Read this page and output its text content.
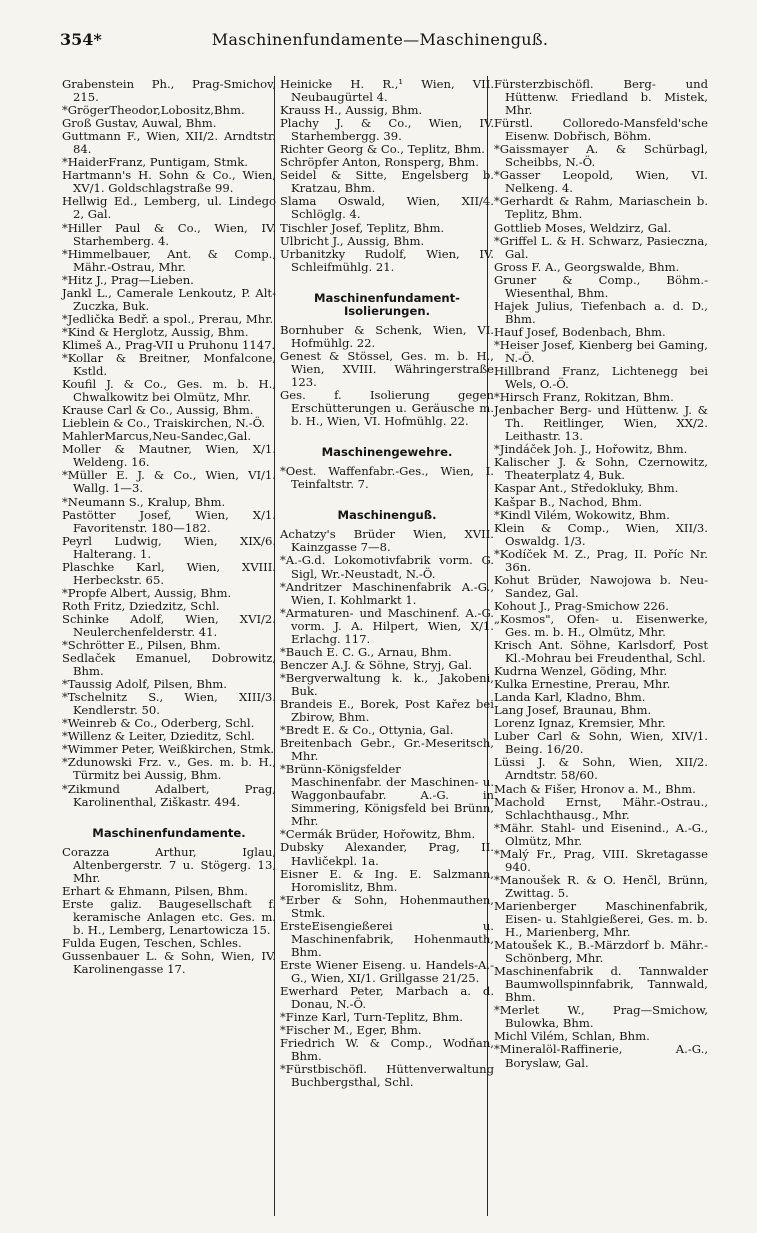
354*	Maschinenfundamente—Maschinenguß.
Grabenstein Ph., Prag-Smichov, 215.
*GrögerTheodor,Lobositz,Bhm.
Groß Gustav, Auwal, Bhm.
Guttmann F., Wien, XII/2. Arndtstr. 84.
*HaiderFranz, Puntigam, Stmk.
Hartmann's H. Sohn & Co., Wien, XV/1. Goldschlagstraße 99.
Hellwig Ed., Lemberg, ul. Lindego 2, Gal.
*Hiller Paul & Co., Wien, IV. Starhemberg. 4.
*Himmelbauer, Ant. & Comp., Mähr.-Ostrau, Mhr.
*Hitz J., Prag—Lieben.
Jankl L., Camerale Lenkoutz, P. Alt-Zuczka, Buk.
*Jedlička Bedř. a spol., Prerau, Mhr.
*Kind & Herglotz, Aussig, Bhm.
Klimeš A., Prag-VII u Pruhonu 1147.
*Kollar & Breitner, Monfalcone, Kstld.
Koufil J. & Co., Ges. m. b. H., Chwalkowitz bei Olmütz, Mhr.
Krause Carl & Co., Aussig, Bhm.
Lieblein & Co., Traiskirchen, N.-Ö.
MahlerMarcus,Neu-Sandec,Gal.
Moller & Mautner, Wien, X/1. Weldeng. 16.
*Müller E. J. & Co., Wien, VI/1. Wallg. 1—3.
*Neumann S., Kralup, Bhm.
Pastötter Josef, Wien, X/1. Favoritenstr. 180—182.
Peyrl Ludwig, Wien, XIX/6. Halterang. 1.
Plaschke Karl, Wien, XVIII. Herbeckstr. 65.
*Propfe Albert, Aussig, Bhm.
Roth Fritz, Dziedzitz, Schl.
Schinke Adolf, Wien, XVI/2. Neulerchenfelderstr. 41.
*Schrötter E., Pilsen, Bhm.
Sedlaček Emanuel, Dobrowitz, Bhm.
*Taussig Adolf, Pilsen, Bhm.
*Tschelnitz S., Wien, XIII/3. Kendlerstr. 50.
*Weinreb & Co., Oderberg, Schl.
*Willenz & Leiter, Dzieditz, Schl.
*Wimmer Peter, Weißkirchen, Stmk.
*Zdunowski Frz. v., Ges. m. b. H., Türmitz bei Aussig, Bhm.
*Zikmund Adalbert, Prag, Karolinenthal, Ziškastr. 494.
Maschinenfundamente.
Corazza Arthur, Iglau, Altenbergerstr. 7 u. Stögerg. 13, Mhr.
Erhart & Ehmann, Pilsen, Bhm.
Erste galiz. Baugesellschaft f. keramische Anlagen etc. Ges. m. b. H., Lemberg, Lenartowicza 15.
Fulda Eugen, Teschen, Schles.
Gussenbauer L. & Sohn, Wien, IV. Karolinengasse 17.
Heinicke H. R.,¹ Wien, VII. Neubaugürtel 4.
Krauss H., Aussig, Bhm.
Plachy J. & Co., Wien, IV. Starhembergg. 39.
Richter Georg & Co., Teplitz, Bhm.
Schröpfer Anton, Ronsperg, Bhm.
Seidel & Sitte, Engelsberg b. Kratzau, Bhm.
Slama Oswald, Wien, XII/4. Schlöglg. 4.
Tischler Josef, Teplitz, Bhm.
Ulbricht J., Aussig, Bhm.
Urbanitzky Rudolf, Wien, IV. Schleifmühlg. 21.
Maschinenfundament-Isolierungen.
Bornhuber & Schenk, Wien, VI. Hofmühlg. 22.
Genest & Stössel, Ges. m. b. H., Wien, XVIII. Währingerstraße 123.
Ges. f. Isolierung gegen Erschütterungen u. Geräusche m. b. H., Wien, VI. Hofmühlg. 22.
Maschinengewehre.
*Oest. Waffenfabr.-Ges., Wien, I. Teinfaltstr. 7.
Maschinenguß.
Achatzy's Brüder Wien, XVII. Kainzgasse 7—8.
*A.-G.d. Lokomotivfabrik vorm. G. Sigl, Wr.-Neustadt, N.-Ö.
*Andritzer Maschinenfabrik A.-G., Wien, I. Kohlmarkt 1.
*Armaturen- und Maschinenf. A.-G. vorm. J. A. Hilpert, Wien, X/1. Erlachg. 117.
*Bauch E. C. G., Arnau, Bhm.
Benczer A.J. & Söhne, Stryj, Gal.
*Bergverwaltung k. k., Jakobeni, Buk.
Brandeis E., Borek, Post Kařez bei Zbirow, Bhm.
*Bredt E. & Co., Ottynia, Gal.
Breitenbach Gebr., Gr.-Meseritsch, Mhr.
*Brünn-Königsfelder Maschinenfabr. der Maschinen- u. Waggonbaufabr. A.-G. in Simmering, Königsfeld bei Brünn, Mhr.
*Cermák Brüder, Hořowitz, Bhm.
Dubsky Alexander, Prag, II. Havličekpl. 1a.
Eisner E. & Ing. E. Salzmann, Horomislitz, Bhm.
*Erber & Sohn, Hohenmauthen, Stmk.
ErsteEisengießerei u. Maschinenfabrik, Hohenmauth, Bhm.
Erste Wiener Eiseng. u. Handels-A.-G., Wien, XI/1. Grillgasse 21/25.
Ewerhard Peter, Marbach a. d. Donau, N.-Ö.
*Finze Karl, Turn-Teplitz, Bhm.
*Fischer M., Eger, Bhm.
Friedrich W. & Comp., Wodňan, Bhm.
*Fürstbischöfl. Hüttenverwaltung Buchbergsthal, Schl.
Fürsterzbischöfl. Berg- und Hüttenw. Friedland b. Mistek, Mhr.
Fürstl. Colloredo-Mansfeld'sche Eisenw. Dobřisch, Böhm.
*Gaissmayer A. & Schürbagl, Scheibbs, N.-Ö.
*Gasser Leopold, Wien, VI. Nelkeng. 4.
*Gerhardt & Rahm, Mariaschein b. Teplitz, Bhm.
Gottlieb Moses, Weldzirz, Gal.
*Griffel L. & H. Schwarz, Pasieczna, Gal.
Gross F. A., Georgswalde, Bhm.
Gruner & Comp., Böhm.-Wiesenthal, Bhm.
Hajek Julius, Tiefenbach a. d. D., Bhm.
Hauf Josef, Bodenbach, Bhm.
*Heiser Josef, Kienberg bei Gaming, N.-Ö.
Hillbrand Franz, Lichtenegg bei Wels, O.-Ö.
*Hirsch Franz, Rokitzan, Bhm.
Jenbacher Berg- und Hüttenw. J. & Th. Reitlinger, Wien, XX/2. Leithastr. 13.
*Jindáček Joh. J., Hořowitz, Bhm.
Kalischer J. & Sohn, Czernowitz, Theaterplatz 4, Buk.
Kaspar Ant., Středokluky, Bhm.
Kašpar B., Nachod, Bhm.
*Kindl Vilém, Wokowitz, Bhm.
Klein & Comp., Wien, XII/3. Oswaldg. 1/3.
*Kodíček M. Z., Prag, II. Poříc Nr. 36n.
Kohut Brüder, Nawojowa b. Neu-Sandez, Gal.
Kohout J., Prag-Smichow 226.
„Kosmos", Ofen- u. Eisenwerke, Ges. m. b. H., Olmütz, Mhr.
Krisch Ant. Söhne, Karlsdorf, Post Kl.-Mohrau bei Freudenthal, Schl.
Kudrna Wenzel, Göding, Mhr.
Kulka Ernestine, Prerau, Mhr.
Landa Karl, Kladno, Bhm.
Lang Josef, Braunau, Bhm.
Lorenz Ignaz, Kremsier, Mhr.
Luber Carl & Sohn, Wien, XIV/1. Being. 16/20.
Lüssi J. & Sohn, Wien, XII/2. Arndtstr. 58/60.
Mach & Fišer, Hronov a. M., Bhm.
Machold Ernst, Mähr.-Ostrau., Schlachthausg., Mhr.
*Mähr. Stahl- und Eisenind., A.-G., Olmütz, Mhr.
*Malý Fr., Prag, VIII. Skretagasse 940.
*Manoušek R. & O. Henčl, Brünn, Zwittag. 5.
Marienberger Maschinenfabrik, Eisen- u. Stahlgießerei, Ges. m. b. H., Marienberg, Mhr.
Matoušek K., B.-Märzdorf b. Mähr.-Schönberg, Mhr.
Maschinenfabrik d. Tannwalder Baumwollspinnfabrik, Tannwald, Bhm.
*Merlet W., Prag—Smichow, Bulowka, Bhm.
Michl Vilém, Schlan, Bhm.
*Mineralöl-Raffinerie, A.-G., Boryslaw, Gal.
